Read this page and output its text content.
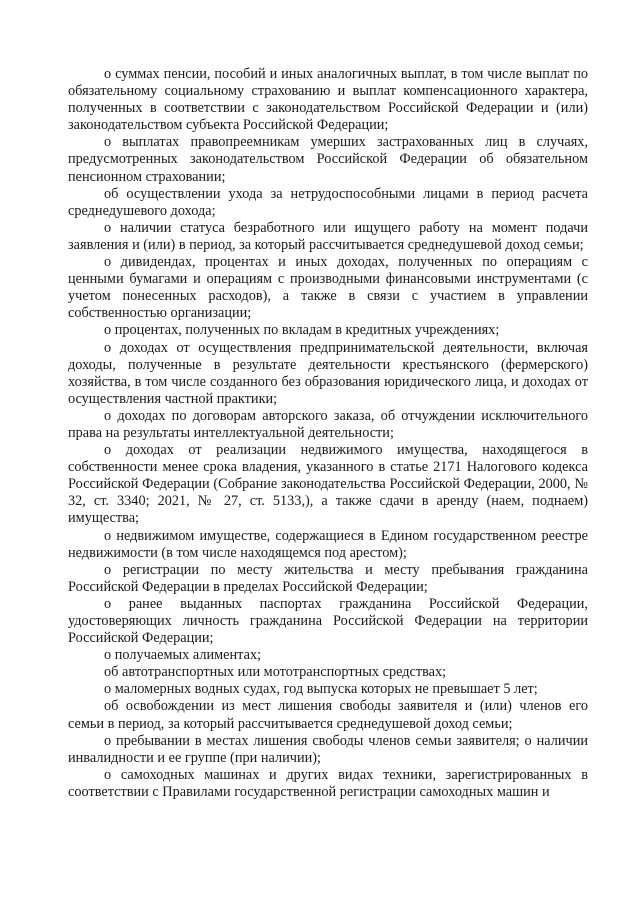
о суммах пенсии, пособий и иных аналогичных выплат, в том числе выплат по обязательному социальному страхованию и выплат компенсационного характера, полученных в соответствии с законодательством Российской Федерации и (или) законодательством субъекта Российской Федерации;

о выплатах правопреемникам умерших застрахованных лиц в случаях, предусмотренных законодательством Российской Федерации об обязательном пенсионном страховании;

об осуществлении ухода за нетрудоспособными лицами в период расчета среднедушевого дохода;

о наличии статуса безработного или ищущего работу на момент подачи заявления и (или) в период, за который рассчитывается среднедушевой доход семьи;

о дивидендах, процентах и иных доходах, полученных по операциям с ценными бумагами и операциям с производными финансовыми инструментами (с учетом понесенных расходов), а также в связи с участием в управлении собственностью организации;

о процентах, полученных по вкладам в кредитных учреждениях;

о доходах от осуществления предпринимательской деятельности, включая доходы, полученные в результате деятельности крестьянского (фермерского) хозяйства, в том числе созданного без образования юридического лица, и доходах от осуществления частной практики;

о доходах по договорам авторского заказа, об отчуждении исключительного права на результаты интеллектуальной деятельности;

о доходах от реализации недвижимого имущества, находящегося в собственности менее срока владения, указанного в статье 2171 Налогового кодекса Российской Федерации (Собрание законодательства Российской Федерации, 2000, № 32, ст. 3340; 2021, № 27, ст. 5133,), а также сдачи в аренду (наем, поднаем) имущества;

о недвижимом имуществе, содержащиеся в Едином государственном реестре недвижимости (в том числе находящемся под арестом);

о регистрации по месту жительства и месту пребывания гражданина Российской Федерации в пределах Российской Федерации;

о ранее выданных паспортах гражданина Российской Федерации, удостоверяющих личность гражданина Российской Федерации на территории Российской Федерации;

о получаемых алиментах;

об автотранспортных или мототранспортных средствах;

о маломерных водных судах, год выпуска которых не превышает 5 лет;

об освобождении из мест лишения свободы заявителя и (или) членов его семьи в период, за который рассчитывается среднедушевой доход семьи;

о пребывании в местах лишения свободы членов семьи заявителя; о наличии инвалидности и ее группе (при наличии);

о самоходных машинах и других видах техники, зарегистрированных в соответствии с Правилами государственной регистрации самоходных машин и
